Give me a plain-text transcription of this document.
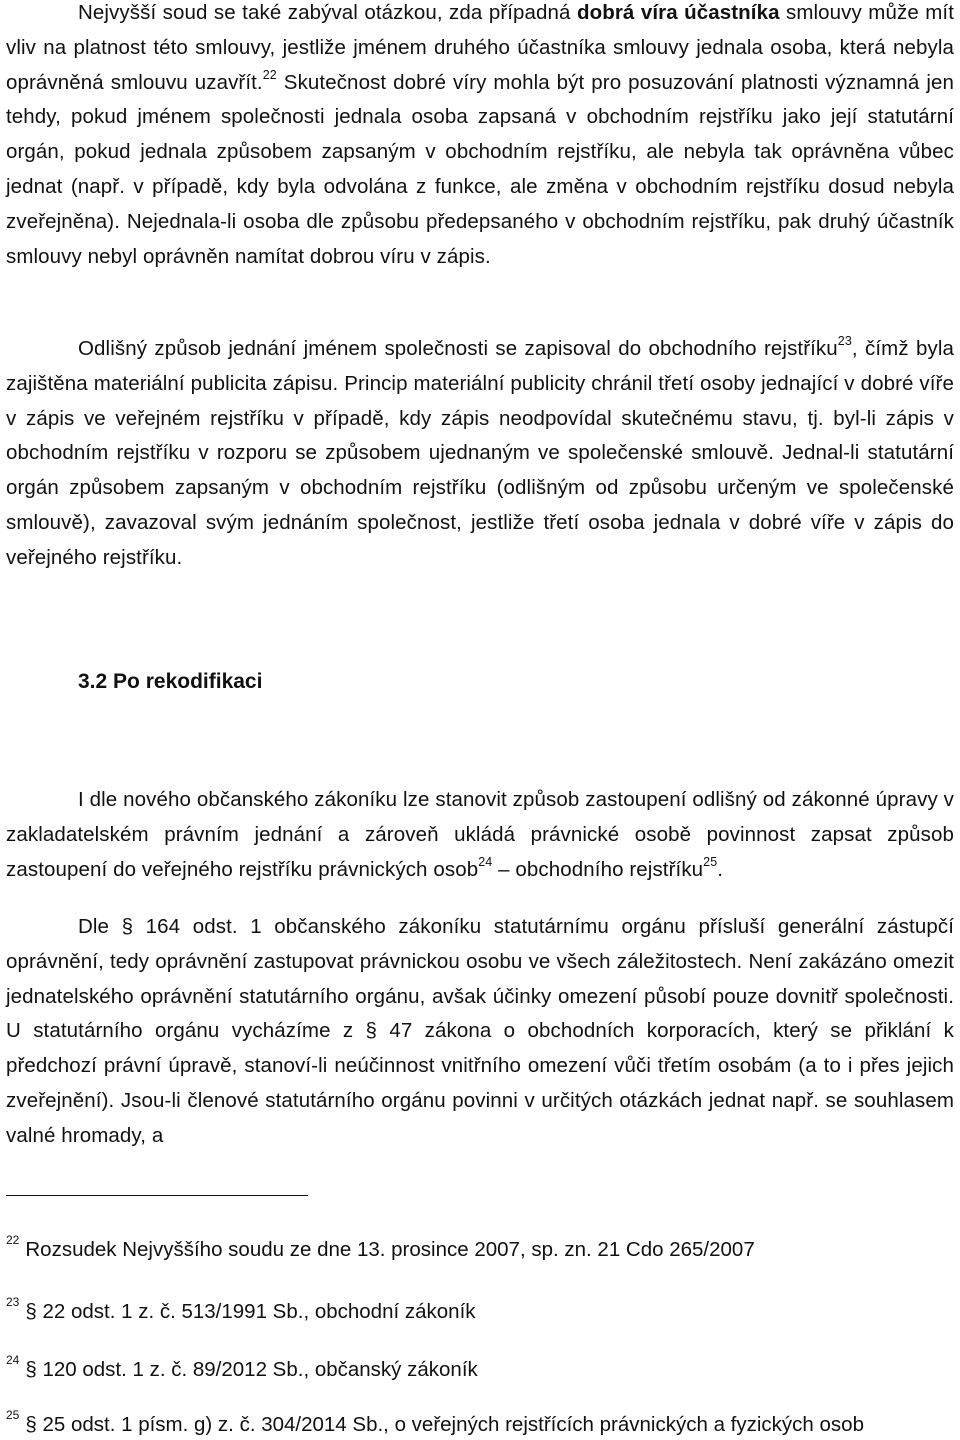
Nejvyšší soud se také zabýval otázkou, zda případná dobrá víra účastníka smlouvy může mít vliv na platnost této smlouvy, jestliže jménem druhého účastníka smlouvy jednala osoba, která nebyla oprávněná smlouvu uzavřít.$^{22}$ Skutečnost dobré víry mohla být pro posuzování platnosti významná jen tehdy, pokud jménem společnosti jednala osoba zapsaná v obchodním rejstříku jako její statutární orgán, pokud jednala způsobem zapsaným v obchodním rejstříku, ale nebyla tak oprávněna vůbec jednat (např. v případě, kdy byla odvolána z funkce, ale změna v obchodním rejstříku dosud nebyla zveřejněna). Nejednala-li osoba dle způsobu předepsaného v obchodním rejstříku, pak druhý účastník smlouvy nebyl oprávněn namítat dobrou víru v zápis.

Odlišný způsob jednání jménem společnosti se zapisoval do obchodního rejstříku$^{23}$, čímž byla zajištěna materiální publicita zápisu. Princip materiální publicity chránil třetí osoby jednající v dobré víře v zápis ve veřejném rejstříku v případě, kdy zápis neodpovídal skutečnému stavu, tj. byl-li zápis v obchodním rejstříku v rozporu se způsobem ujednaným ve společenské smlouvě. Jednal-li statutární orgán způsobem zapsaným v obchodním rejstříku (odlišným od způsobu určeným ve společenské smlouvě), zavazoval svým jednáním společnost, jestliže třetí osoba jednala v dobré víře v zápis do veřejného rejstříku.

3.2 Po rekodifikaci

I dle nového občanského zákoníku lze stanovit způsob zastoupení odlišný od zákonné úpravy v zakladatelském právním jednání a zároveň ukládá právnické osobě povinnost zapsat způsob zastoupení do veřejného rejstříku právnických osob$^{24}$ – obchodního rejstříku$^{25}$.

Dle § 164 odst. 1 občanského zákoníku statutárnímu orgánu přísluší generální zástupčí oprávnění, tedy oprávnění zastupovat právnickou osobu ve všech záležitostech. Není zakázáno omezit jednatelského oprávnění statutárního orgánu, avšak účinky omezení působí pouze dovnitř společnosti. U statutárního orgánu vycházíme z § 47 zákona o obchodních korporacích, který se přiklání k předchozí právní úpravě, stanoví-li neúčinnost vnitřního omezení vůči třetím osobám (a to i přes jejich zveřejnění). Jsou-li členové statutárního orgánu povinni v určitých otázkách jednat např. se souhlasem valné hromady, a

$^{22}$ Rozsudek Nejvyššího soudu ze dne 13. prosince 2007, sp. zn. 21 Cdo 265/2007

$^{23}$ § 22 odst. 1 z. č. 513/1991 Sb., obchodní zákoník

$^{24}$ § 120 odst. 1 z. č. 89/2012 Sb., občanský zákoník

$^{25}$ § 25 odst. 1 písm. g) z. č. 304/2014 Sb., o veřejných rejstřících právnických a fyzických osob
